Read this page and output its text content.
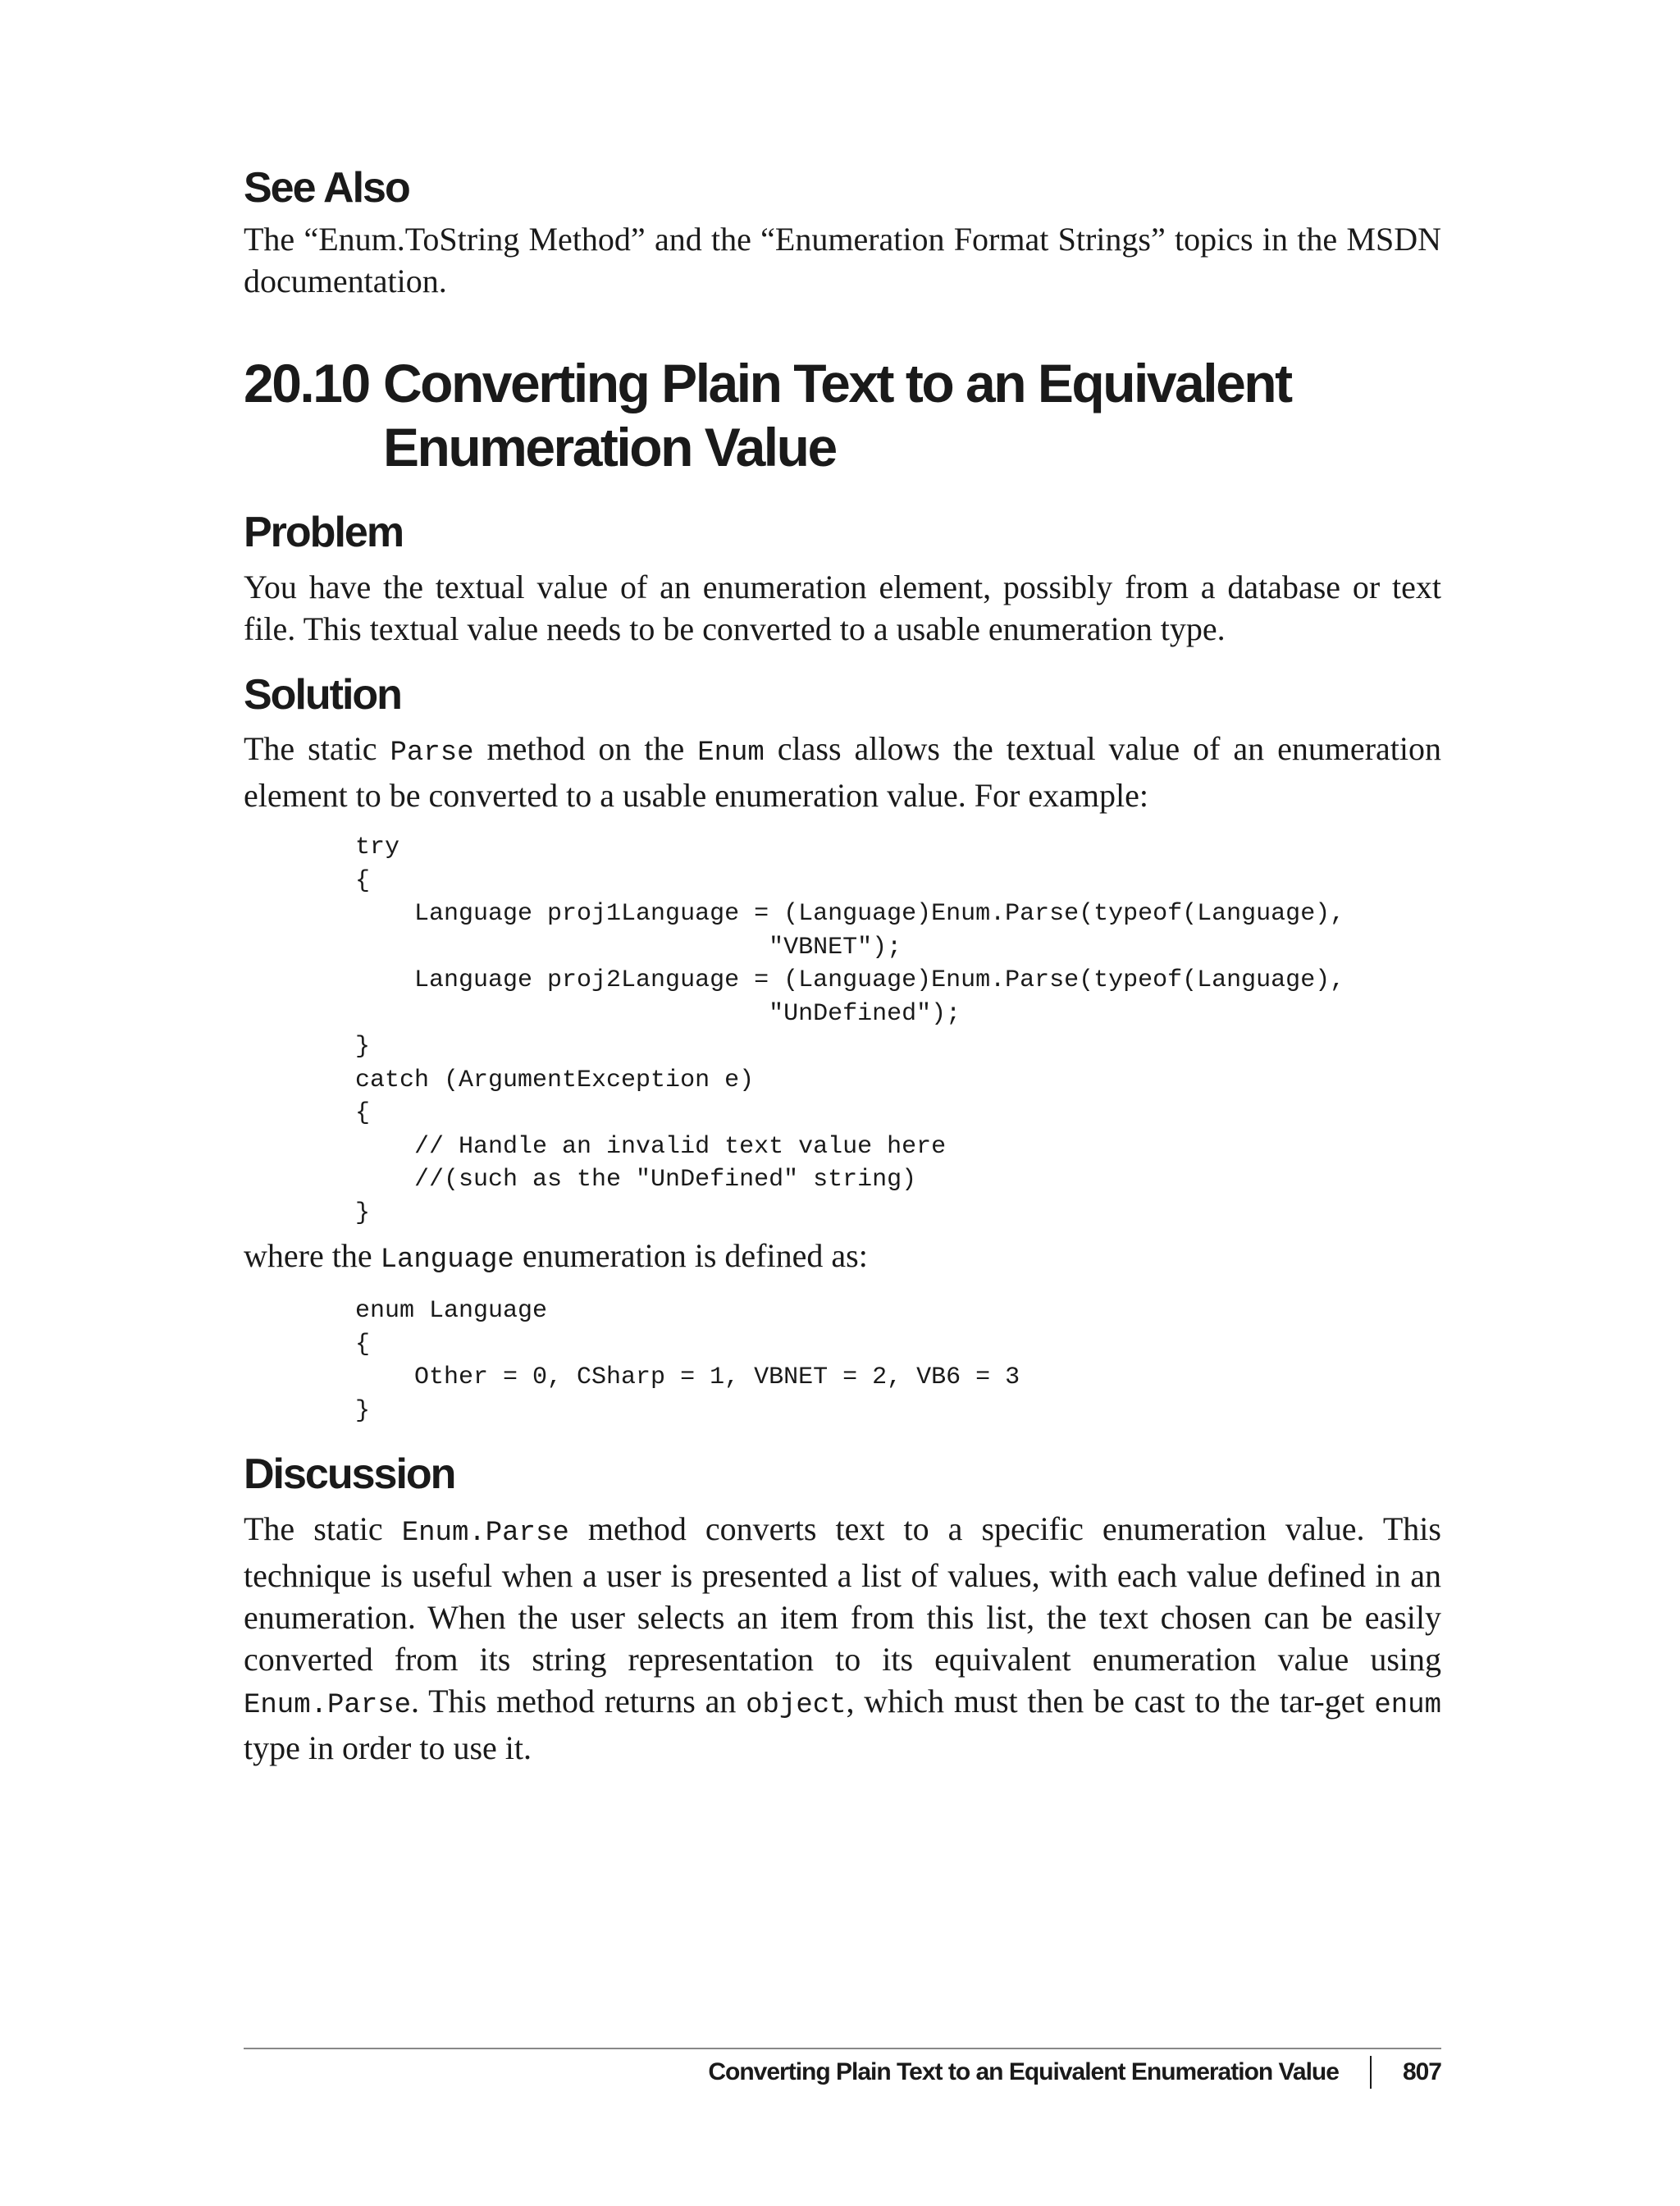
See Also

The “Enum.ToString Method” and the “Enumeration Format Strings” topics in the MSDN documentation.

20.10 Converting Plain Text to an Equivalent
Enumeration Value
Problem

You have the textual value of an enumeration element, possibly from a database or text file. This textual value needs to be converted to a usable enumeration type.

Solution

The static Parse method on the Enum class allows the textual value of an enumeration element to be converted to a usable enumeration value. For example:

try
{
Language proj1Language = (Language)Enum.Parse(typeof(Language),
"VBNET");
Language proj2Language = (Language)Enum.Parse(typeof(Language),
"UnDefined");
}
catch (ArgumentException e)
{
// Handle an invalid text value here
//(such as the "UnDefined" string)
}

where the Language enumeration is defined as:

enum Language
{
Other = 0, CSharp = 1, VBNET = 2, VB6 = 3
}
Discussion

The static Enum.Parse method converts text to a specific enumeration value. This technique is useful when a user is presented a list of values, with each value defined in an enumeration. When the user selects an item from this list, the text chosen can be easily converted from its string representation to its equivalent enumeration value using Enum.Parse. This method returns an object, which must then be cast to the tar-get enum type in order to use it.

Converting Plain Text to an Equivalent Enumeration Value	807
